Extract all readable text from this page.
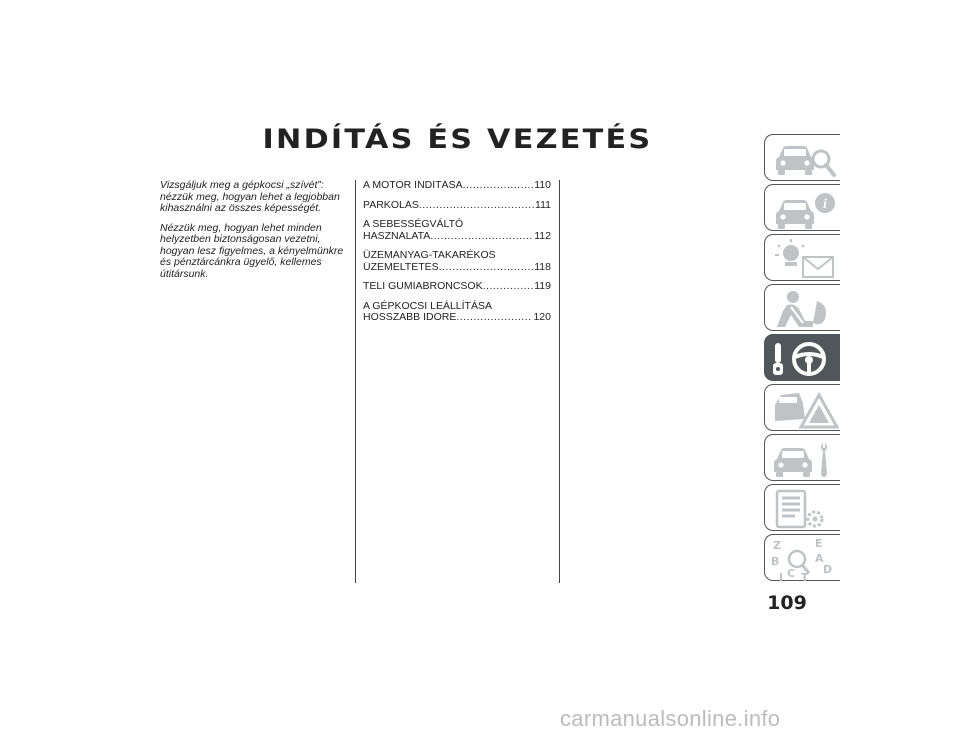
INDÍTÁS ÉS VEZETÉS

Vizsgáljuk meg a gépkocsi „szívét”: nézzük meg, hogyan lehet a legjobban kihasználni az összes képességét.

Nézzük meg, hogyan lehet minden helyzetben biztonságosan vezetni, hogyan lesz figyelmes, a kényelmünkre és pénztárcánkra ügyelő, kellemes útitársunk.

A MOTOR INDÍTÁSA .....	110
PARKOLÁS .....	111
A SEBESSÉGVÁLTÓ
HASZNÁLATA .....	112
ÜZEMANYAG-TAKARÉKOS
ÜZEMELTETÉS .....	118
TÉLI GUMIABRONCSOK .....	119
A GÉPKOCSI LEÁLLÍTÁSA
HOSSZABB IDŐRE .....	120
i
Z	E
B	A
D
C T
I
109
carmanualsonline.info
